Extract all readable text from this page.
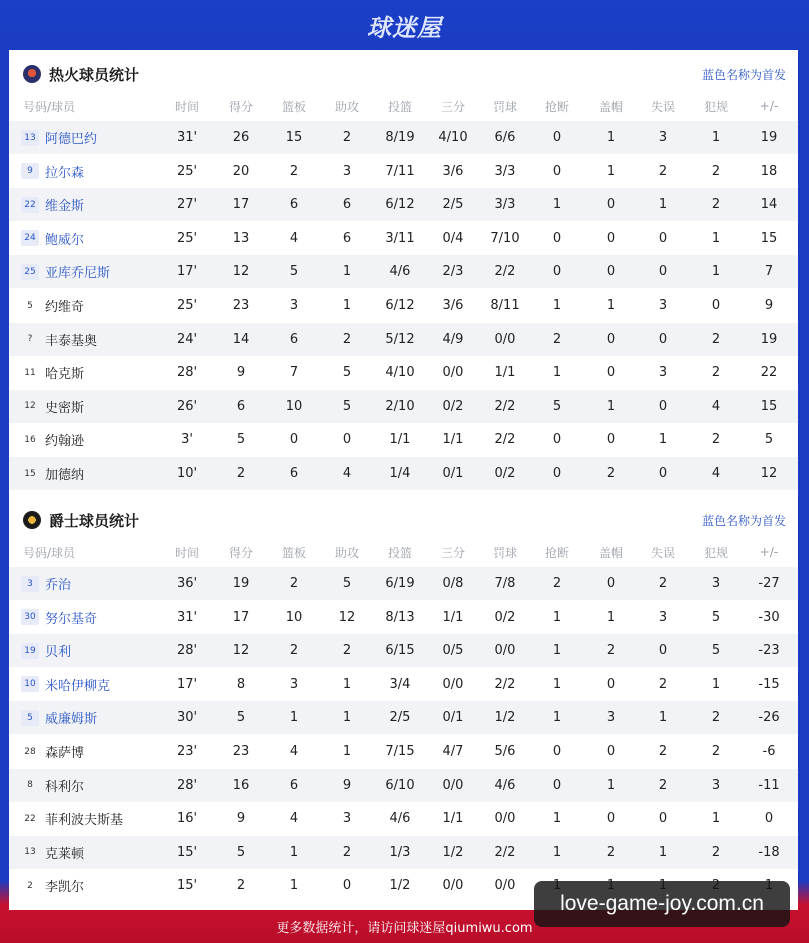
球迷屋
热火球员统计	蓝色名称为首发
号码/球员	时间	得分	篮板	助攻	投篮	三分	罚球	抢断	盖帽	失误	犯规	+/-
13 阿德巴约	31'	26	15	2	8/19	4/10	6/6	0	1	3	1	19
9 拉尔森	25'	20	2	3	7/11	3/6	3/3	0	1	2	2	18
22 维金斯	27'	17	6	6	6/12	2/5	3/3	1	0	1	2	14
24 鲍威尔	25'	13	4	6	3/11	0/4	7/10	0	0	0	1	15
25 亚库乔尼斯	17'	12	5	1	4/6	2/3	2/2	0	0	0	1	7
5 约维奇	25'	23	3	1	6/12	3/6	8/11	1	1	3	0	9
? 丰泰基奥	24'	14	6	2	5/12	4/9	0/0	2	0	0	2	19
11 哈克斯	28'	9	7	5	4/10	0/0	1/1	1	0	3	2	22
12 史密斯	26'	6	10	5	2/10	0/2	2/2	5	1	0	4	15
16 约翰逊	3'	5	0	0	1/1	1/1	2/2	0	0	1	2	5
15 加德纳	10'	2	6	4	1/4	0/1	0/2	0	2	0	4	12
爵士球员统计	蓝色名称为首发
号码/球员	时间	得分	篮板	助攻	投篮	三分	罚球	抢断	盖帽	失误	犯规	+/-
3 乔治	36'	19	2	5	6/19	0/8	7/8	2	0	2	3	-27
30 努尔基奇	31'	17	10	12	8/13	1/1	0/2	1	1	3	5	-30
19 贝利	28'	12	2	2	6/15	0/5	0/0	1	2	0	5	-23
10 米哈伊柳克	17'	8	3	1	3/4	0/0	2/2	1	0	2	1	-15
5 威廉姆斯	30'	5	1	1	2/5	0/1	1/2	1	3	1	2	-26
28 森萨博	23'	23	4	1	7/15	4/7	5/6	0	0	2	2	-6
8 科利尔	28'	16	6	9	6/10	0/0	4/6	0	1	2	3	-11
22 菲利波夫斯基	16'	9	4	3	4/6	1/1	0/0	1	0	0	1	0
13 克莱顿	15'	5	1	2	1/3	1/2	2/2	1	2	1	2	-18
2 李凯尔	15'	2	1	0	1/2	0/0	0/0
更多数据统计，请访问球迷屋qiumiwu.com
love-game-joy.com.cn
